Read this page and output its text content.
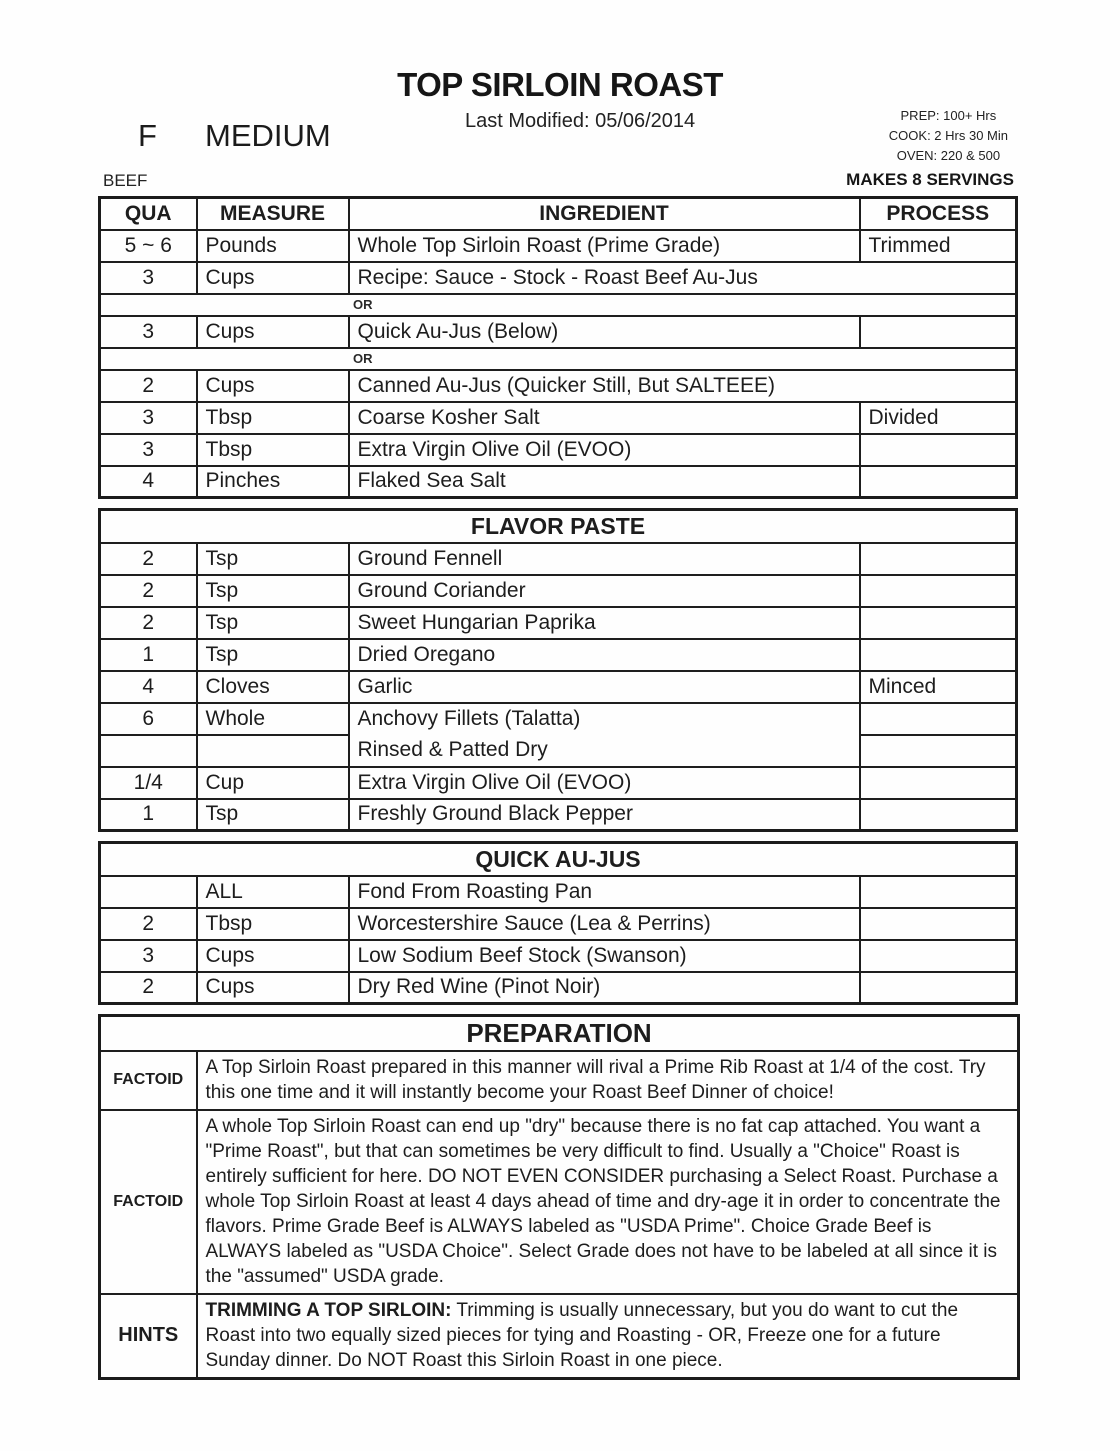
TOP SIRLOIN ROAST
Last Modified: 05/06/2014	PREP: 100+ Hrs
COOK: 2 Hrs 30 Min
OVEN: 220 & 500
F MEDIUM
BEEF	MAKES 8 SERVINGS
QUA	MEASURE	INGREDIENT	PROCESS
5 ~ 6	Pounds	Whole Top Sirloin Roast (Prime Grade)	Trimmed
3	Cups	Recipe: Sauce - Stock - Roast Beef Au-Jus	
OR			
3	Cups	Quick Au-Jus (Below)	
OR			
2	Cups	Canned Au-Jus (Quicker Still, But SALTEEE)	
3	Tbsp	Coarse Kosher Salt	Divided
3	Tbsp	Extra Virgin Olive Oil (EVOO)	
4	Pinches	Flaked Sea Salt	
FLAVOR PASTE			
2	Tsp	Ground Fennell	
2	Tsp	Ground Coriander	
2	Tsp	Sweet Hungarian Paprika	
1	Tsp	Dried Oregano	
4	Cloves	Garlic	Minced
6	Whole	Anchovy Fillets (Talatta)	
		Rinsed & Patted Dry	
1/4	Cup	Extra Virgin Olive Oil (EVOO)	
1	Tsp	Freshly Ground Black Pepper	
QUICK AU-JUS			
	ALL	Fond From Roasting Pan	
2	Tbsp	Worcestershire Sauce (Lea & Perrins)	
3	Cups	Low Sodium Beef Stock (Swanson)	
2	Cups	Dry Red Wine (Pinot Noir)	
PREPARATION	
FACTOID	A Top Sirloin Roast prepared in this manner will rival a Prime Rib Roast at 1/4 of the cost. Try this one time and it will instantly become your Roast Beef Dinner of choice!
FACTOID	A whole Top Sirloin Roast can end up "dry" because there is no fat cap attached. You want a "Prime Roast", but that can sometimes be very difficult to find. Usually a "Choice" Roast is entirely sufficient for here. DO NOT EVEN CONSIDER purchasing a Select Roast. Purchase a whole Top Sirloin Roast at least 4 days ahead of time and dry-age it in order to concentrate the flavors. Prime Grade Beef is ALWAYS labeled as "USDA Prime". Choice Grade Beef is ALWAYS labeled as "USDA Choice". Select Grade does not have to be labeled at all since it is the "assumed" USDA grade.
HINTS	TRIMMING A TOP SIRLOIN: Trimming is usually unnecessary, but you do want to cut the Roast into two equally sized pieces for tying and Roasting - OR, Freeze one for a future Sunday dinner. Do NOT Roast this Sirloin Roast in one piece.
